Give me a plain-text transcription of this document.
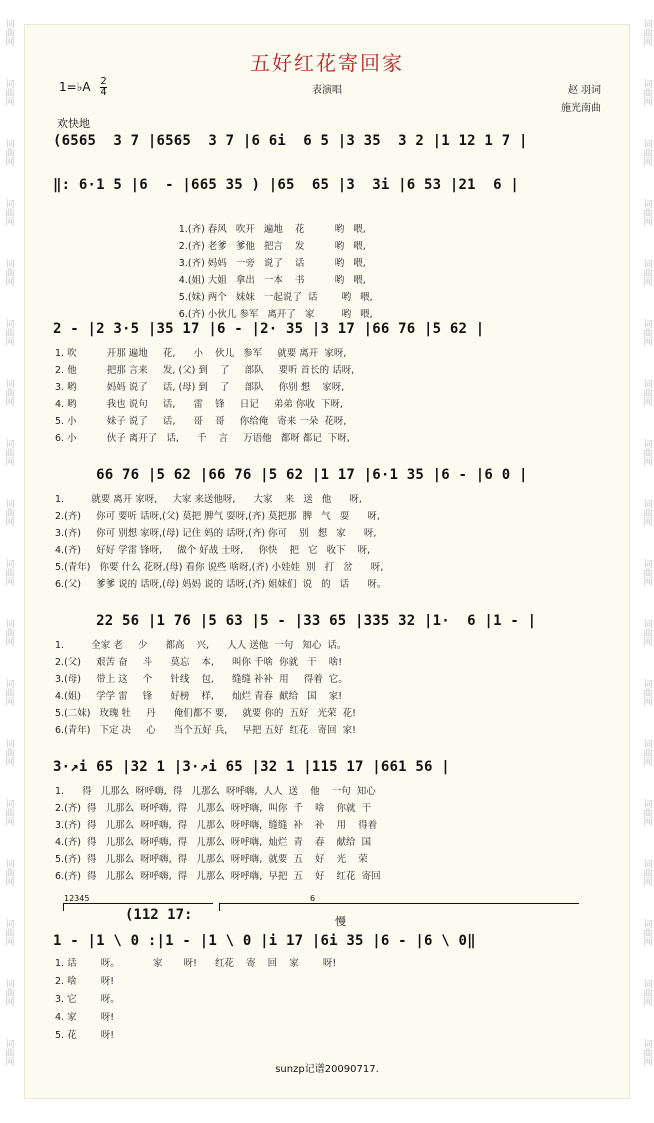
词曲网
词曲网
词曲网
词曲网
词曲网
词曲网
词曲网
词曲网
词曲网
词曲网
词曲网
词曲网
词曲网
词曲网
词曲网
词曲网
词曲网
词曲网
词曲网
词曲网
词曲网
词曲网
词曲网
词曲网
词曲网
词曲网
词曲网
词曲网
词曲网
词曲网
词曲网
词曲网
词曲网
词曲网
词曲网
词曲网
五好红花寄回家
1=♭A $\frac{2}{4}$	表演唱	赵 羽词
施光南曲
欢快地
(6565  3 7 |6565  3 7 |6 6i  6 5 |3 35  3 2 |1 12 1 7 |
‖: 6·1 5 |6  - |665 35 ) |65  65 |3  3i |6 53 |21  6 |
1.(齐) 春风   吹开   遍地    花          哟   喂,
2.(齐) 老爹   爹他   把言    发          哟   喂,
3.(齐) 妈妈   一旁   说了    话          哟   喂,
4.(姐) 大姐   拿出   一本    书          哟   喂,
5.(妹) 两个   妹妹   一起说了  话        哟   喂,
6.(齐) 小伙儿 参军   离开了   家         哟   喂,
2 - |2 3·5 |35 17 |6 - |2· 35 |3 17 |66 76 |5 62 |
1. 吹          开那 遍地     花,      小    伙儿   参军     就要 离开  家呀,
2. 他          把那 言来     发, (父) 到    了     部队     要听 首长的 话呀,
3. 哟          妈妈 说了     话, (母) 到    了     部队     你别 想    家呀,
4. 哟          我也 说句     话,      雷    锋     日记     弟弟 你收  下呀,
5. 小          妹子 说了     话,      哥    哥     你给俺   寄来 一朵  花呀,
6. 小          伙子 离开了   话,      千    言     万语他   都呀 都记  下呀,
66 76 |5 62 |66 76 |5 62 |1 17 |6·1 35 |6 - |6 0 |
1.         就要 离开 家呀,     大家 来送他呀,      大家    来   送   他      呀,
2.(齐)     你可 要听 话呀,(父) 莫把 脾气 耍呀,(齐) 莫把那  脾   气   耍      呀,
3.(齐)     你可 别想 家呀,(母) 记住 妈的 话呀,(齐) 你可    别   想   家      呀,
4.(齐)     好好 学雷 锋呀,     做个 好战 士呀,     你快    把   它   收下    呀,
5.(青年)   你要 什么 花呀,(母) 看你 说些 啥呀,(齐) 小娃娃  别   打   岔      呀,
6.(父)     爹爹 说的 话呀,(母) 妈妈 说的 话呀,(齐) 姐妹们  说   的   话      呀。
22 56 |1 76 |5 63 |5 - |33 65 |335 32 |1·  6 |1 - |
1.         全家 老     少      都高    兴,      人人 送他  一句   知心  话。
2.(父)     艰苦 奋     斗      莫忘    本,      叫你 千啥  你就   干    啥!
3.(母)     带上 这     个      针线    包,      缝缝 补补  用     得着  它。
4.(姐)     学学 雷     锋      好榜    样,      灿烂 青春  献给   国    家!
5.(二妹)   玫瑰 牡     丹      俺们都不 要,     就要 你的  五好   光荣  花!
6.(青年)   下定 决     心      当个五好 兵,     早把 五好  红花   寄回  家!
3·↗i 65 |32 1 |3·↗i 65 |32 1 |115 17 |661 56 |
1.      得   儿那么  呀呼嗨,  得   儿那么  呀呼嗨,  人人  送    他    一句  知心
2.(齐)  得   儿那么  呀呼嗨,  得   儿那么  呀呼嗨,  叫你  千    啥    你就  干
3.(齐)  得   儿那么  呀呼嗨,  得   儿那么  呀呼嗨,  缝缝  补    补    用    得着
4.(齐)  得   儿那么  呀呼嗨,  得   儿那么  呀呼嗨,  灿烂  青    春    献给  国
5.(齐)  得   儿那么  呀呼嗨,  得   儿那么  呀呼嗨,  就要  五    好    光    荣
6.(齐)  得   儿那么  呀呼嗨,  得   儿那么  呀呼嗨,  早把  五    好    红花  寄回
1 - |1 \ 0 :|1 - |1 \ 0 |i 17 |6i 35 |6 - |6 \ 0‖
1. 话        呀。           家       呀!      红花    寄    回    家        呀!
2. 啥        呀!
3. 它        呀。
4. 家        呀!
5. 花        呀!
12345	6
(112 17:	慢
sunzp记谱20090717.
